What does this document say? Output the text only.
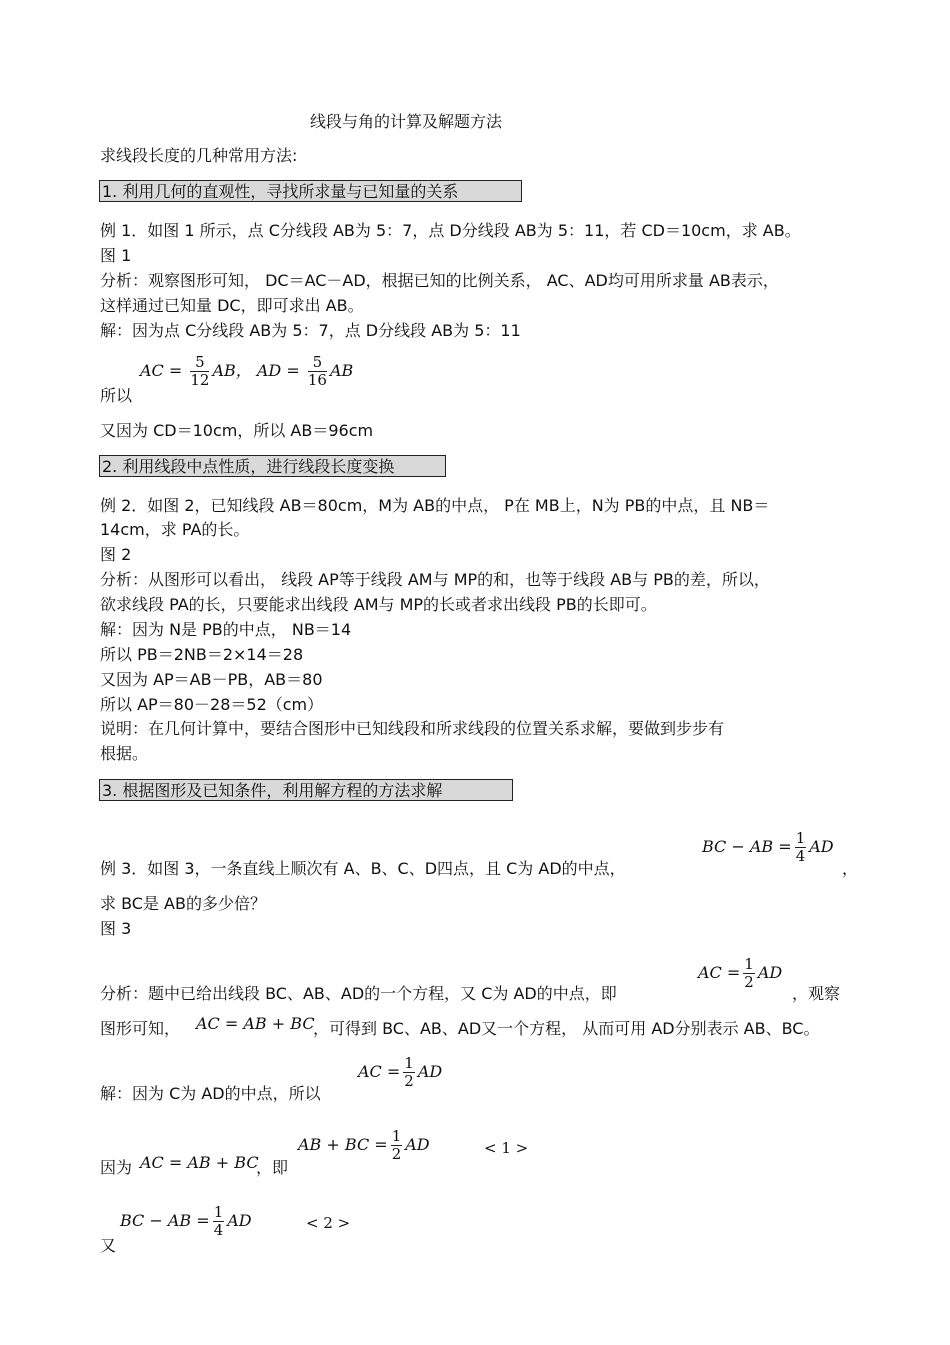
线段与角的计算及解题方法
求线段长度的几种常用方法:
1. 利用几何的直观性，寻找所求量与已知量的关系
例 1．如图 1 所示，点 C分线段 AB为 5：7，点 D分线段 AB为 5：11，若 CD＝10cm，求 AB。
图 1
分析：观察图形可知， DC＝AC－AD，根据已知的比例关系， AC、AD均可用所求量 AB表示，
这样通过已知量 DC，即可求出 AB。
解：因为点 C分线段 AB为 5：7，点 D分线段 AB为 5：11
AC = $\frac{5}{12}$ AB， AD = $\frac{5}{16}$ AB
所以
又因为 CD＝10cm，所以 AB＝96cm
2. 利用线段中点性质，进行线段长度变换
例 2．如图 2，已知线段 AB＝80cm，M为 AB的中点， P在 MB上，N为 PB的中点，且 NB＝
14cm，求 PA的长。
图 2
分析：从图形可以看出， 线段 AP等于线段 AM与 MP的和，也等于线段 AB与 PB的差，所以，
欲求线段 PA的长，只要能求出线段 AM与 MP的长或者求出线段 PB的长即可。
解：因为 N是 PB的中点， NB＝14
所以 PB＝2NB＝2×14＝28
又因为 AP＝AB－PB，AB＝80
所以 AP＝80－28＝52（cm）
说明：在几何计算中，要结合图形中已知线段和所求线段的位置关系求解，要做到步步有
根据。
3. 根据图形及已知条件，利用解方程的方法求解
BC − AB = $\frac{1}{4}$ AD
例 3．如图 3，一条直线上顺次有 A、B、C、D四点，且 C为 AD的中点，	，
求 BC是 AB的多少倍？
图 3
AC = $\frac{1}{2}$ AD
分析：题中已给出线段 BC、AB、AD的一个方程，又 C为 AD的中点，即	，观察
图形可知， AC = AB + BC
，可得到 BC、AB、AD又一个方程， 从而可用 AD分别表示 AB、BC。
AC = $\frac{1}{2}$ AD
解：因为 C为 AD的中点，所以
AB + BC = $\frac{1}{2}$ AD	< 1 >
因为 AC = AB + BC
，即
BC − AB = $\frac{1}{4}$ AD	< 2 >
又
